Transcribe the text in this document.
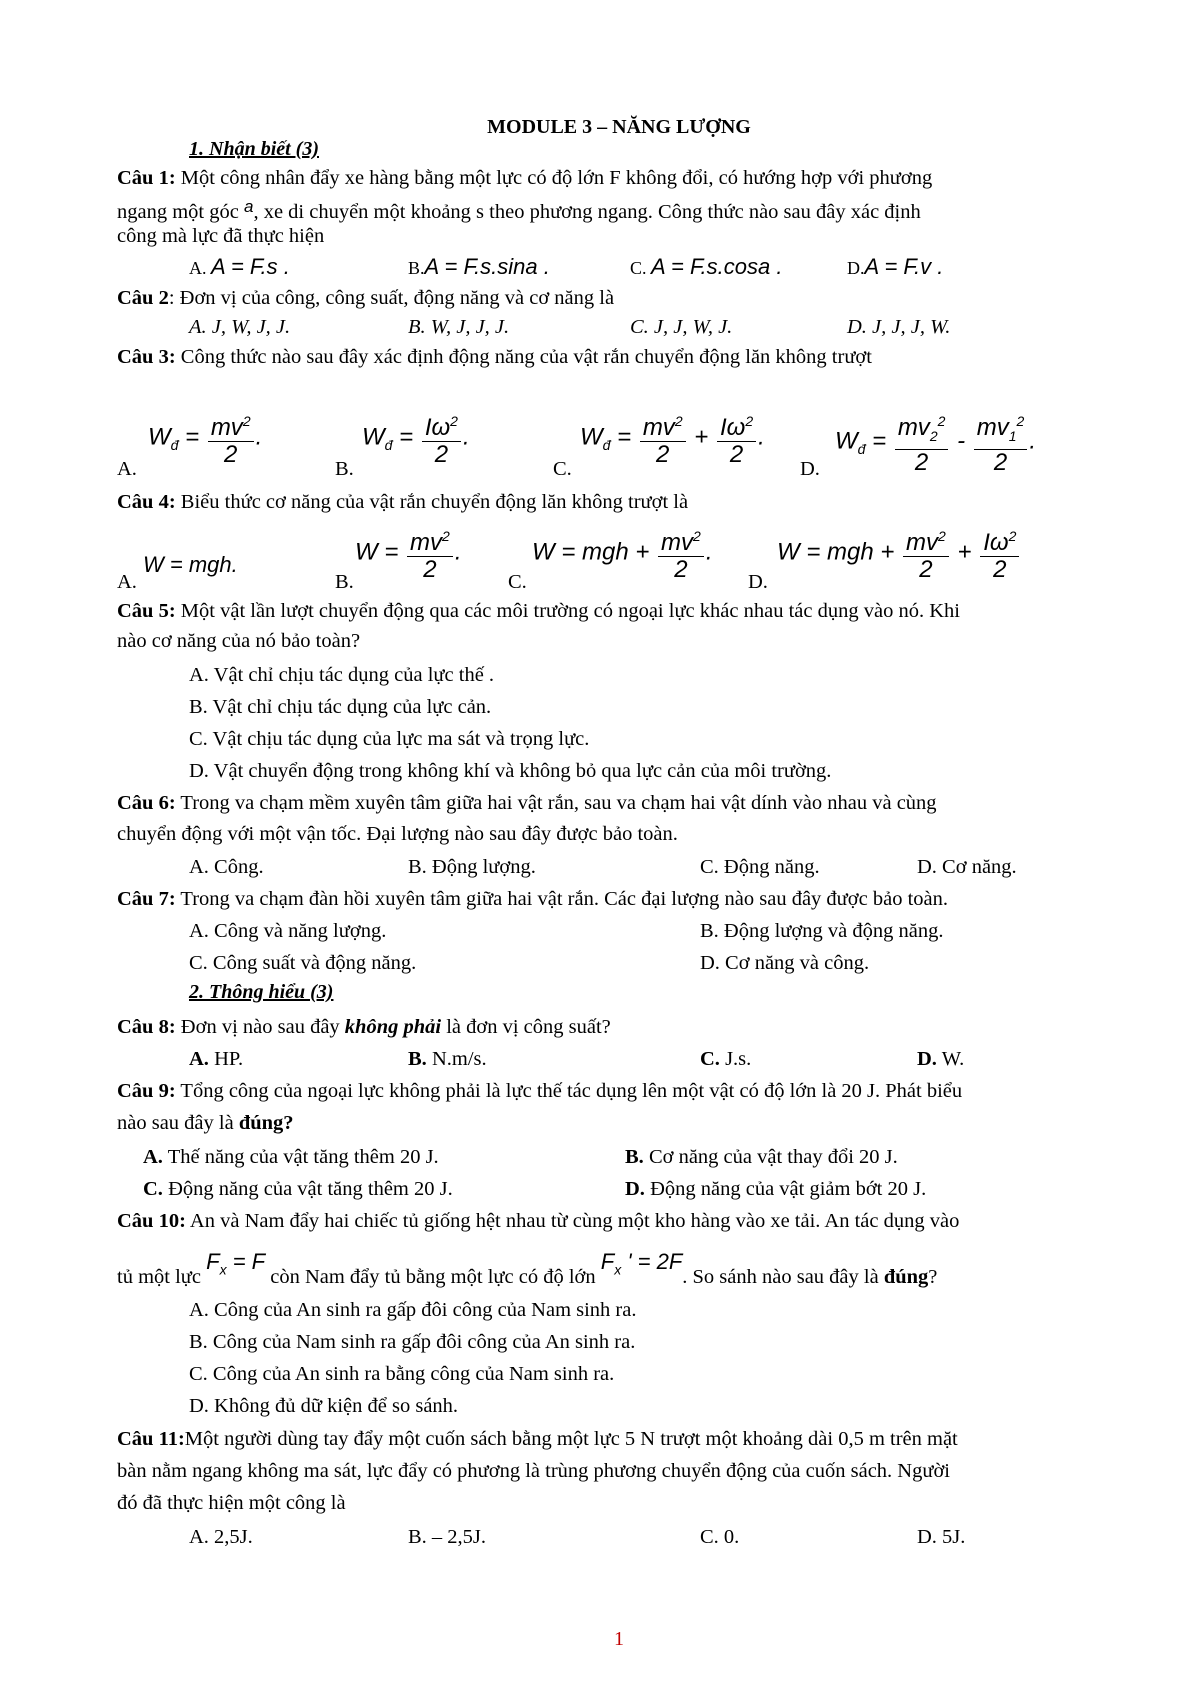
MODULE 3 – NĂNG LƯỢNG
1. Nhận biết (3)
Câu 1: Một công nhân đẩy xe hàng bằng một lực có độ lớn F không đổi, có hướng hợp với phương
ngang một góc $^a$, xe di chuyển một khoảng s theo phương ngang. Công thức nào sau đây xác định
công mà lực đã thực hiện
A. A = F.s .	B.A = F.s.sina .	C. A = F.s.cosa .	D.A = F.v .
Câu 2: Đơn vị của công, công suất, động năng và cơ năng là
A. J, W, J, J.	B. W, J, J, J.	C. J, J, W, J.	D. J, J, J, W.
Câu 3: Công thức nào sau đây xác định động năng của vật rắn chuyển động lăn không trượt
A.
$W_đ = \frac{mv^2}{2}$ .
B.
$W_đ = \frac{I\omega^2}{2}$ .
C.
$W_đ = \frac{mv^2}{2} + \frac{I\omega^2}{2}$ .
D.
$W_đ = \frac{mv_2^2}{2} - \frac{mv_1^2}{2}$ .
Câu 4: Biểu thức cơ năng của vật rắn chuyển động lăn không trượt là
A.
W = mgh.
B.
$W = \frac{mv^2}{2}$ .
C.
W = mgh + $\frac{mv^2}{2}$ .
D.
W = mgh + $\frac{mv^2}{2} + \frac{I\omega^2}{2}$
Câu 5: Một vật lần lượt chuyển động qua các môi trường có ngoại lực khác nhau tác dụng vào nó. Khi
nào cơ năng của nó bảo toàn?
A. Vật chỉ chịu tác dụng của lực thế .
B. Vật chỉ chịu tác dụng của lực cản.
C. Vật chịu tác dụng của lực ma sát và trọng lực.
D. Vật chuyển động trong không khí và không bỏ qua lực cản của môi trường.
Câu 6: Trong va chạm mềm xuyên tâm giữa hai vật rắn, sau va chạm hai vật dính vào nhau và cùng
chuyển động với một vận tốc. Đại lượng nào sau đây được bảo toàn.
A. Công.	B. Động lượng.	C. Động năng.	D. Cơ năng.
Câu 7: Trong va chạm đàn hồi xuyên tâm giữa hai vật rắn. Các đại lượng nào sau đây được bảo toàn.
A. Công và năng lượng.	B. Động lượng và động năng.
C. Công suất và động năng.	D. Cơ năng và công.
2. Thông hiểu (3)
Câu 8: Đơn vị nào sau đây không phải là đơn vị công suất?
A. HP.	B. N.m/s.	C. J.s.	D. W.
Câu 9: Tổng công của ngoại lực không phải là lực thế tác dụng lên một vật có độ lớn là 20 J. Phát biểu
nào sau đây là đúng?
A. Thế năng của vật tăng thêm 20 J.	B. Cơ năng của vật thay đổi 20 J.
C. Động năng của vật tăng thêm 20 J.	D. Động năng của vật giảm bớt 20 J.
Câu 10: An và Nam đẩy hai chiếc tủ giống hệt nhau từ cùng một kho hàng vào xe tải. An tác dụng vào
tủ một lực $F_x = F$ còn Nam đẩy tủ bằng một lực có độ lớn $F_x$ ' = 2F. So sánh nào sau đây là đúng?
A. Công của An sinh ra gấp đôi công của Nam sinh ra.
B. Công của Nam sinh ra gấp đôi công của An sinh ra.
C. Công của An sinh ra bằng công của Nam sinh ra.
D. Không đủ dữ kiện để so sánh.
Câu 11:Một người dùng tay đẩy một cuốn sách bằng một lực 5 N trượt một khoảng dài 0,5 m trên mặt
bàn nằm ngang không ma sát, lực đẩy có phương là trùng phương chuyển động của cuốn sách. Người
đó đã thực hiện một công là
A. 2,5J.	B. – 2,5J.	C. 0.	D. 5J.
1
